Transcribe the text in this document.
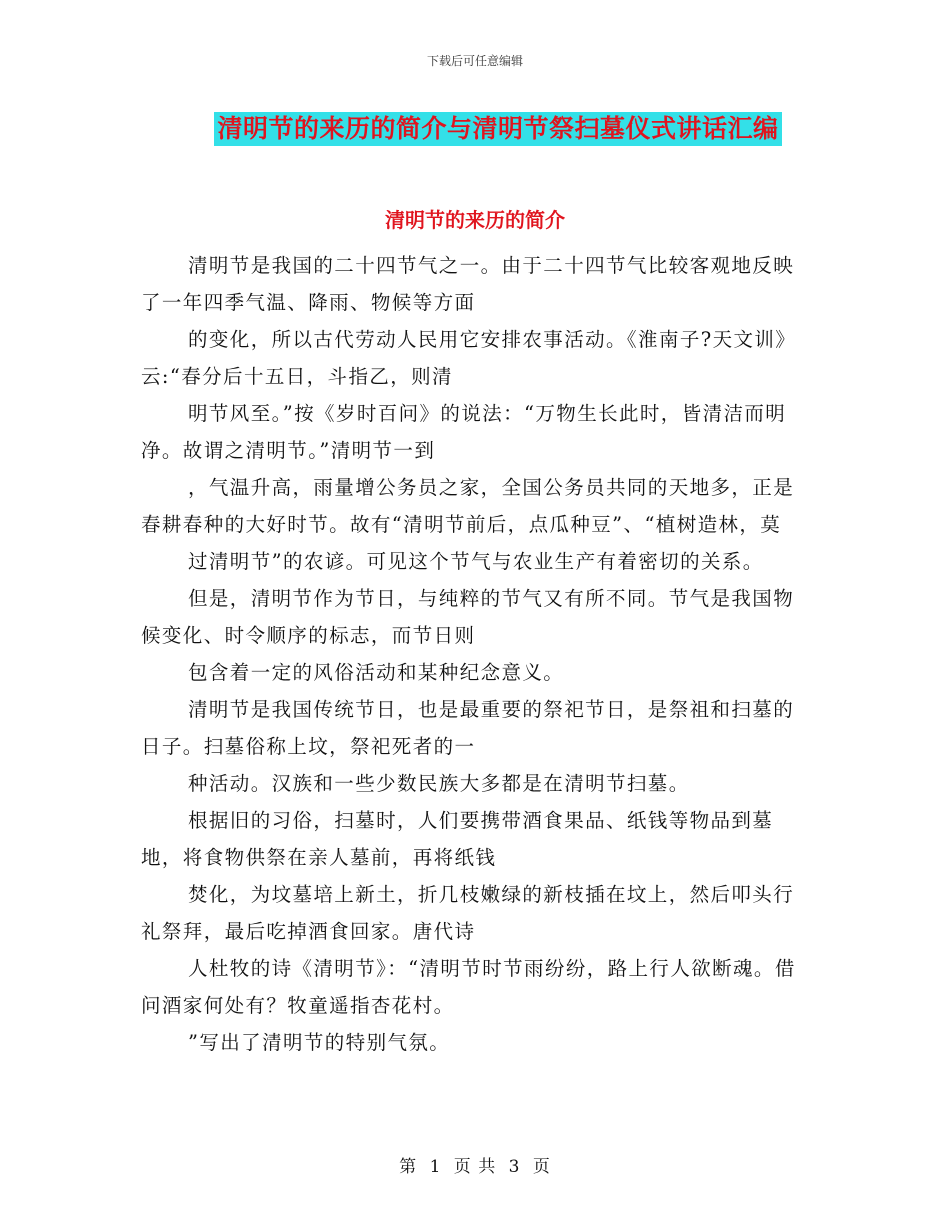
下载后可任意编辑
清明节的来历的简介与清明节祭扫墓仪式讲话汇编
清明节的来历的简介

清明节是我国的二十四节气之一。由于二十四节气比较客观地反映了一年四季气温、降雨、物候等方面

的变化，所以古代劳动人民用它安排农事活动。《淮南子?天文训》云:“春分后十五日，斗指乙，则清

明节风至。”按《岁时百问》的说法：“万物生长此时，皆清洁而明净。故谓之清明节。”清明节一到

，气温升高，雨量增公务员之家，全国公务员共同的天地多，正是春耕春种的大好时节。故有“清明节前后，点瓜种豆”、“植树造林，莫

过清明节”的农谚。可见这个节气与农业生产有着密切的关系。

但是，清明节作为节日，与纯粹的节气又有所不同。节气是我国物候变化、时令顺序的标志，而节日则

包含着一定的风俗活动和某种纪念意义。

清明节是我国传统节日，也是最重要的祭祀节日，是祭祖和扫墓的日子。扫墓俗称上坟，祭祀死者的一

种活动。汉族和一些少数民族大多都是在清明节扫墓。

根据旧的习俗，扫墓时，人们要携带酒食果品、纸钱等物品到墓地，将食物供祭在亲人墓前，再将纸钱

焚化，为坟墓培上新土，折几枝嫩绿的新枝插在坟上，然后叩头行礼祭拜，最后吃掉酒食回家。唐代诗

人杜牧的诗《清明节》：“清明节时节雨纷纷，路上行人欲断魂。借问酒家何处有？牧童遥指杏花村。

”写出了清明节的特别气氛。

第 1 页 共 3 页
